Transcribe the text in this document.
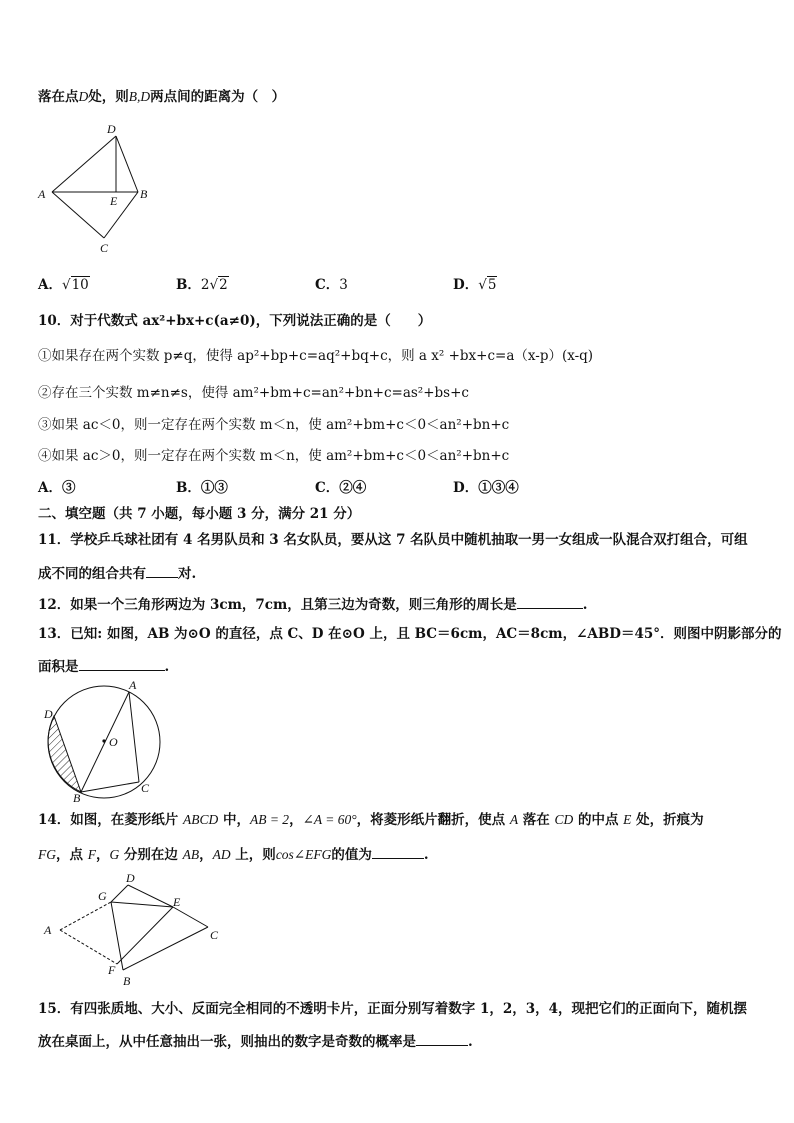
落在点D处，则B,D两点间的距离为（　）
D
A	E B
C
A．√10	B．2√2	C．3	D．√5
10．对于代数式 ax²+bx+c(a≠0)，下列说法正确的是（　　）
①如果存在两个实数 p≠q，使得 ap²+bp+c=aq²+bq+c，则 a x² +bx+c=a（x-p）(x-q)
②存在三个实数 m≠n≠s，使得 am²+bm+c=an²+bn+c=as²+bs+c
③如果 ac＜0，则一定存在两个实数 m＜n，使 am²+bm+c＜0＜an²+bn+c
④如果 ac＞0，则一定存在两个实数 m＜n，使 am²+bm+c＜0＜an²+bn+c
A．③	B．①③	C．②④	D．①③④
二、填空题（共 7 小题，每小题 3 分，满分 21 分）
11．学校乒乓球社团有 4 名男队员和 3 名女队员，要从这 7 名队员中随机抽取一男一女组成一队混合双打组合，可组
成不同的组合共有 对.
12．如果一个三角形两边为 3cm，7cm，且第三边为奇数，则三角形的周长是	.
13．已知: 如图，AB 为⊙O 的直径，点 C、D 在⊙O 上，且 BC＝6cm，AC＝8cm，∠ABD＝45°．则图中阴影部分的
面积是	.
A
D
O
B
C
14．如图，在菱形纸片 ABCD 中，AB = 2，∠A = 60°，将菱形纸片翻折，使点 A 落在 CD 的中点 E 处，折痕为
FG，点 F，G 分别在边 AB，AD 上，则cos∠EFG的值为	.
G
D
E
A	C
F
B
15．有四张质地、大小、反面完全相同的不透明卡片，正面分别写着数字 1，2，3，4，现把它们的正面向下，随机摆
放在桌面上，从中任意抽出一张，则抽出的数字是奇数的概率是	.
